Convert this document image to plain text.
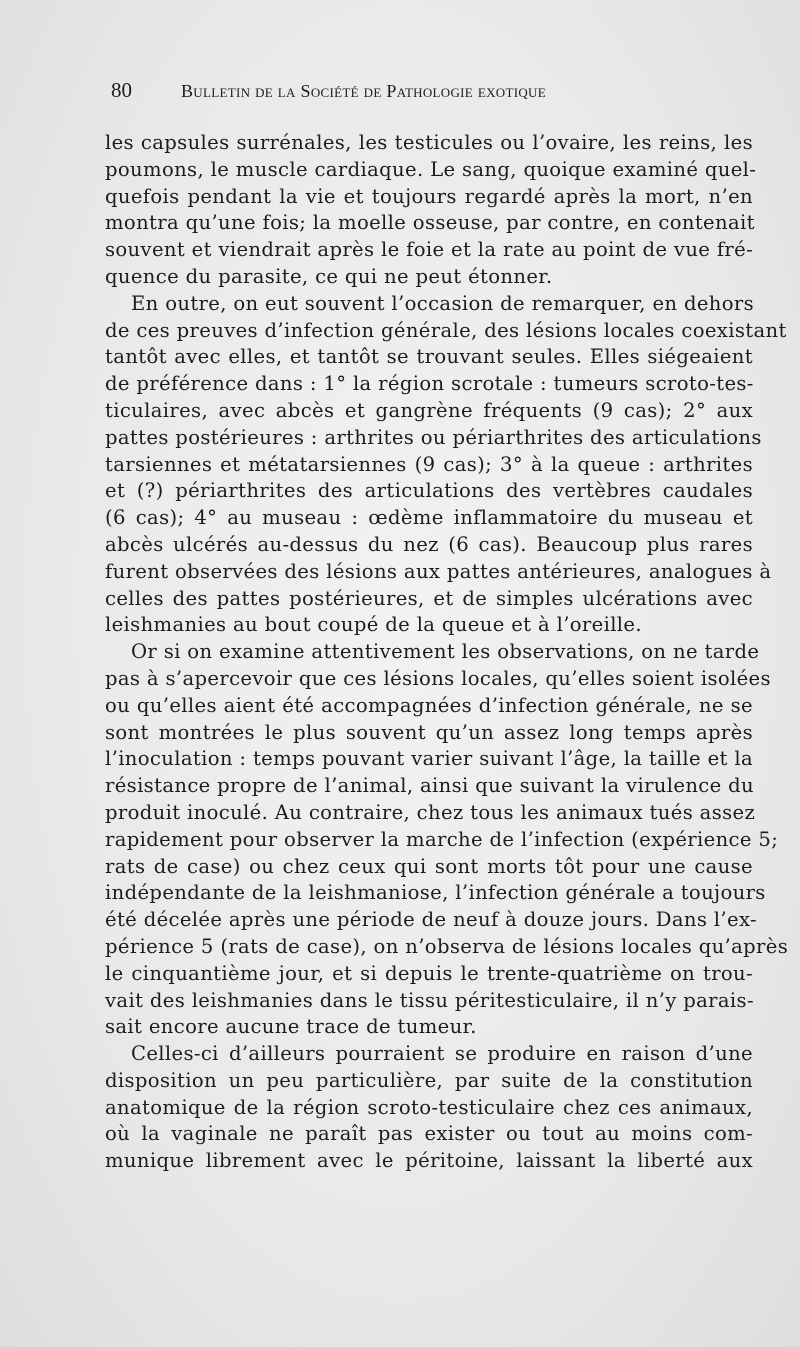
80	Bulletin de la Société de Pathologie exotique
les capsules surrénales, les testicules ou l’ovaire, les reins, les
poumons, le muscle cardiaque. Le sang, quoique examiné quel-
quefois pendant la vie et toujours regardé après la mort, n’en
montra qu’une fois; la moelle osseuse, par contre, en contenait
souvent et viendrait après le foie et la rate au point de vue fré-
quence du parasite, ce qui ne peut étonner.
En outre, on eut souvent l’occasion de remarquer, en dehors
de ces preuves d’infection générale, des lésions locales coexistant
tantôt avec elles, et tantôt se trouvant seules. Elles siégeaient
de préférence dans : 1° la région scrotale : tumeurs scroto-tes-
ticulaires, avec abcès et gangrène fréquents (9 cas); 2° aux
pattes postérieures : arthrites ou périarthrites des articulations
tarsiennes et métatarsiennes (9 cas); 3° à la queue : arthrites
et (?) périarthrites des articulations des vertèbres caudales
(6 cas); 4° au museau : œdème inflammatoire du museau et
abcès ulcérés au-dessus du nez (6 cas). Beaucoup plus rares
furent observées des lésions aux pattes antérieures, analogues à
celles des pattes postérieures, et de simples ulcérations avec
leishmanies au bout coupé de la queue et à l’oreille.
Or si on examine attentivement les observations, on ne tarde
pas à s’apercevoir que ces lésions locales, qu’elles soient isolées
ou qu’elles aient été accompagnées d’infection générale, ne se
sont montrées le plus souvent qu’un assez long temps après
l’inoculation : temps pouvant varier suivant l’âge, la taille et la
résistance propre de l’animal, ainsi que suivant la virulence du
produit inoculé. Au contraire, chez tous les animaux tués assez
rapidement pour observer la marche de l’infection (expérience 5;
rats de case) ou chez ceux qui sont morts tôt pour une cause
indépendante de la leishmaniose, l’infection générale a toujours
été décelée après une période de neuf à douze jours. Dans l’ex-
périence 5 (rats de case), on n’observa de lésions locales qu’après
le cinquantième jour, et si depuis le trente-quatrième on trou-
vait des leishmanies dans le tissu péritesticulaire, il n’y parais-
sait encore aucune trace de tumeur.
Celles-ci d’ailleurs pourraient se produire en raison d’une
disposition un peu particulière, par suite de la constitution
anatomique de la région scroto-testiculaire chez ces animaux,
où la vaginale ne paraît pas exister ou tout au moins com-
munique librement avec le péritoine, laissant la liberté aux
